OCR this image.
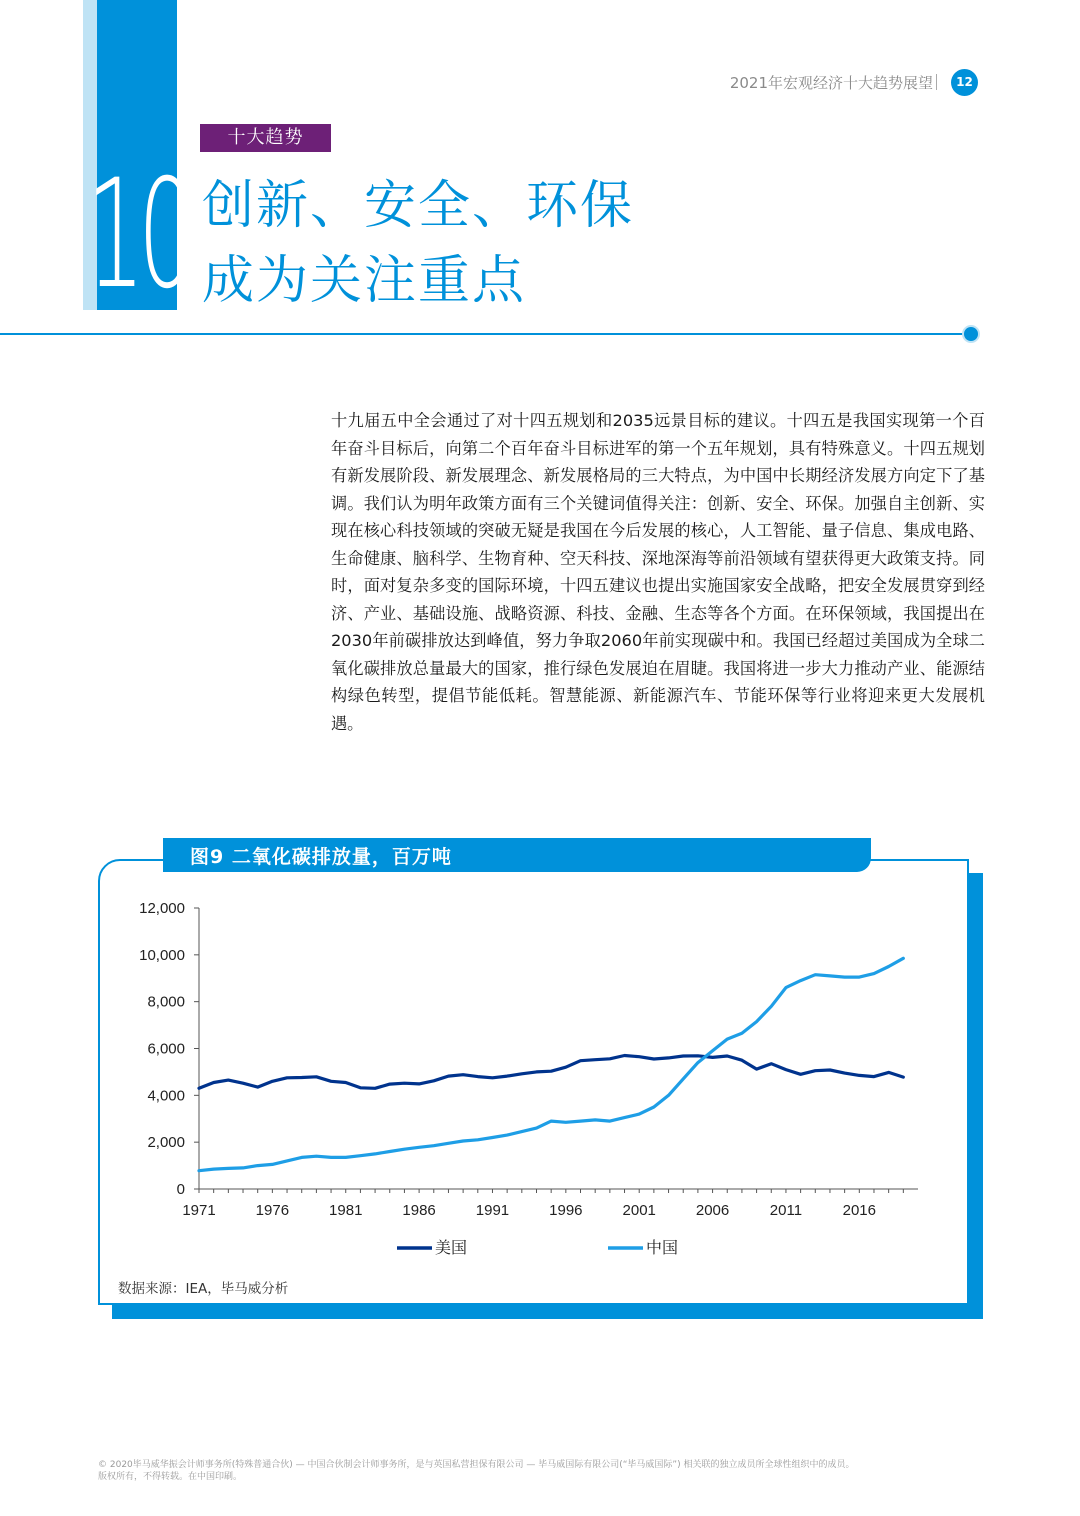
10
2021年宏观经济十大趋势展望	12
十大趋势
创新、安全、环保
成为关注重点
十九届五中全会通过了对十四五规划和2035远景目标的建议。十四五是我国实现第一个百年奋斗目标后，向第二个百年奋斗目标进军的第一个五年规划，具有特殊意义。十四五规划有新发展阶段、新发展理念、新发展格局的三大特点，为中国中长期经济发展方向定下了基调。我们认为明年政策方面有三个关键词值得关注：创新、安全、环保。加强自主创新、实现在核心科技领域的突破无疑是我国在今后发展的核心，人工智能、量子信息、集成电路、生命健康、脑科学、生物育种、空天科技、深地深海等前沿领域有望获得更大政策支持。同时，面对复杂多变的国际环境，十四五建议也提出实施国家安全战略，把安全发展贯穿到经济、产业、基础设施、战略资源、科技、金融、生态等各个方面。在环保领域，我国提出在2030年前碳排放达到峰值，努力争取2060年前实现碳中和。我国已经超过美国成为全球二氧化碳排放总量最大的国家，推行绿色发展迫在眉睫。我国将进一步大力推动产业、能源结构绿色转型，提倡节能低耗。智慧能源、新能源汽车、节能环保等行业将迎来更大发展机遇。
图9 二氧化碳排放量，百万吨
0
2,000
4,000
6,000
8,000
10,000
12,000
1971	1976	1981	1986	1991	1996	2001	2006	2011	2016
美国	中国
数据来源：IEA，毕马威分析
© 2020毕马威华振会计师事务所(特殊普通合伙) — 中国合伙制会计师事务所，是与英国私营担保有限公司 — 毕马威国际有限公司(“毕马威国际”) 相关联的独立成员所全球性组织中的成员。
版权所有，不得转载。在中国印刷。
